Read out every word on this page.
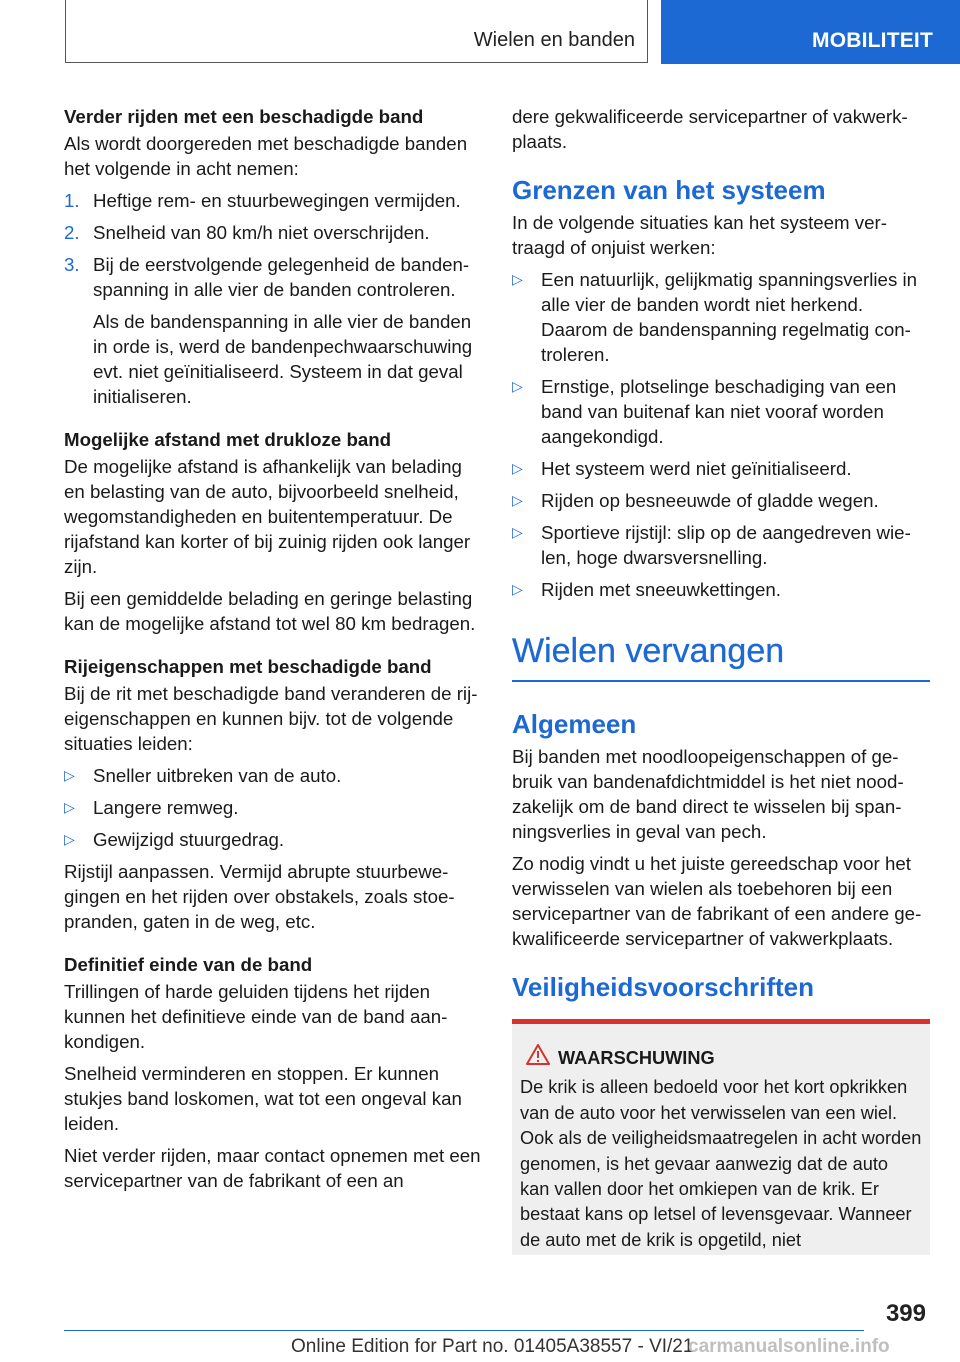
Wielen en banden	MOBILITEIT

Verder rijden met een beschadigde band

Als wordt doorgereden met beschadigde banden het volgende in acht nemen:

1. Heftige rem- en stuurbewegingen vermijden.
2. Snelheid van 80 km/h niet overschrijden.
3. Bij de eerstvolgende gelegenheid de bandenspanning in alle vier de banden controleren.
Als de bandenspanning in alle vier de banden in orde is, werd de bandenpechwaarschuwing evt. niet geïnitialiseerd. Systeem in dat geval initialiseren.

Mogelijke afstand met drukloze band

De mogelijke afstand is afhankelijk van belading en belasting van de auto, bijvoorbeeld snelheid, wegomstandigheden en buitentemperatuur. De rijafstand kan korter of bij zuinig rijden ook langer zijn.

Bij een gemiddelde belading en geringe belasting kan de mogelijke afstand tot wel 80 km bedragen.

Rijeigenschappen met beschadigde band

Bij de rit met beschadigde band veranderen de rij-eigenschappen en kunnen bijv. tot de volgende situaties leiden:

▷ Sneller uitbreken van de auto.
▷ Langere remweg.
▷ Gewijzigd stuurgedrag.

Rijstijl aanpassen. Vermijd abrupte stuurbewegingen en het rijden over obstakels, zoals stoepranden, gaten in de weg, etc.

Definitief einde van de band

Trillingen of harde geluiden tijdens het rijden kunnen het definitieve einde van de band aankondigen.

Snelheid verminderen en stoppen. Er kunnen stukjes band loskomen, wat tot een ongeval kan leiden.

Niet verder rijden, maar contact opnemen met een servicepartner van de fabrikant of een an

dere gekwalificeerde servicepartner of vakwerkplaats.

Grenzen van het systeem

In de volgende situaties kan het systeem vertraagd of onjuist werken:

▷ Een natuurlijk, gelijkmatig spanningsverlies in alle vier de banden wordt niet herkend. Daarom de bandenspanning regelmatig controleren.
▷ Ernstige, plotselinge beschadiging van een band van buitenaf kan niet vooraf worden aangekondigd.
▷ Het systeem werd niet geïnitialiseerd.
▷ Rijden op besneeuwde of gladde wegen.
▷ Sportieve rijstijl: slip op de aangedreven wielen, hoge dwarsversnelling.
▷ Rijden met sneeuwkettingen.

Wielen vervangen

Algemeen

Bij banden met noodloopeigenschappen of gebruik van bandenafdichtmiddel is het niet noodzakelijk om de band direct te wisselen bij spanningsverlies in geval van pech.

Zo nodig vindt u het juiste gereedschap voor het verwisselen van wielen als toebehoren bij een servicepartner van de fabrikant of een andere gekwalificeerde servicepartner of vakwerkplaats.

Veiligheidsvoorschriften

WAARSCHUWING
De krik is alleen bedoeld voor het kort opkrikken van de auto voor het verwisselen van een wiel. Ook als de veiligheidsmaatregelen in acht worden genomen, is het gevaar aanwezig dat de auto kan vallen door het omkiepen van de krik. Er bestaat kans op letsel of levensgevaar. Wanneer de auto met de krik is opgetild, niet
399
Online Edition for Part no. 01405A38557 - VI/21
carmanualsonline.info
